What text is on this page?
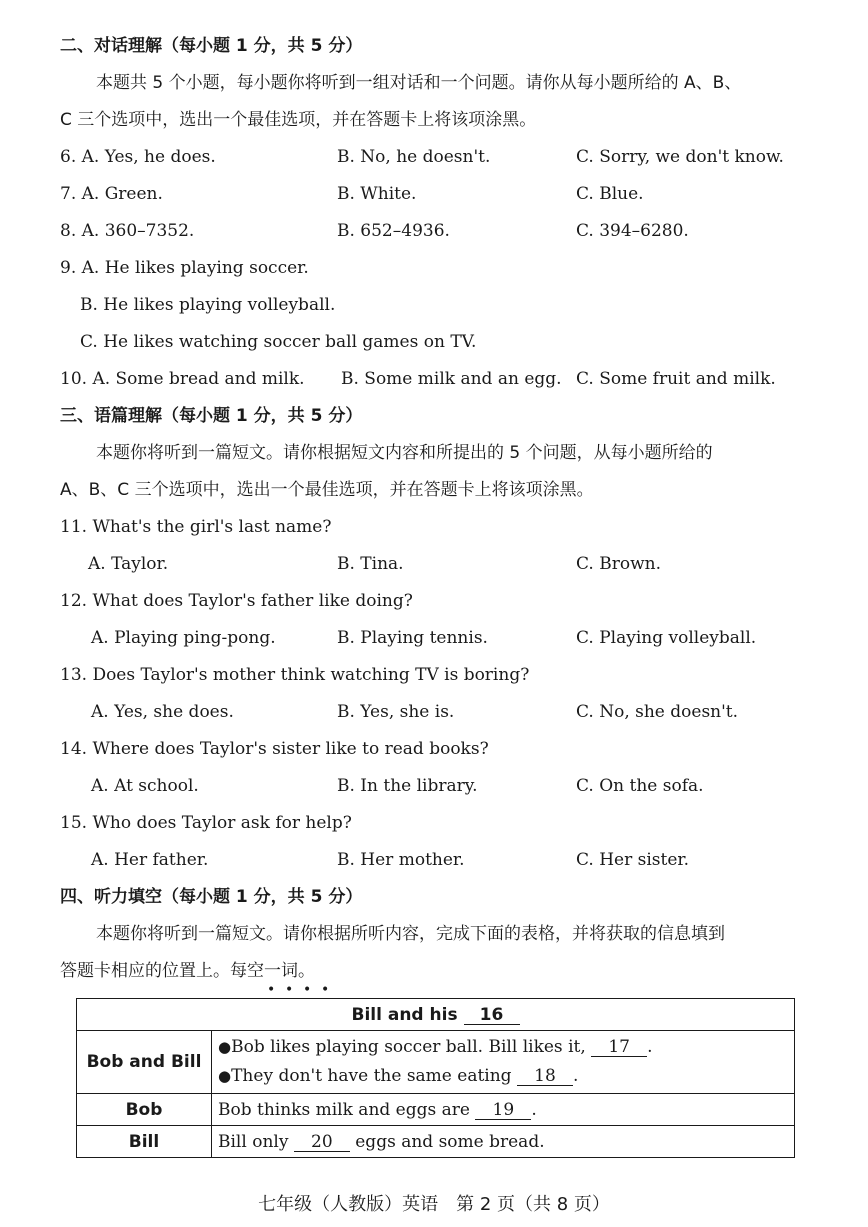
二、对话理解（每小题 1 分，共 5 分）
本题共 5 个小题，每小题你将听到一组对话和一个问题。请你从每小题所给的 A、B、
C 三个选项中，选出一个最佳选项，并在答题卡上将该项涂黑。
6. A. Yes, he does.	B. No, he doesn't.	C. Sorry, we don't know.
7. A. Green.	B. White.	C. Blue.
8. A. 360–7352.	B. 652–4936.	C. 394–6280.
9. A. He likes playing soccer.
B. He likes playing volleyball.
C. He likes watching soccer ball games on TV.
10. A. Some bread and milk. B. Some milk and an egg. C. Some fruit and milk.
三、语篇理解（每小题 1 分，共 5 分）
本题你将听到一篇短文。请你根据短文内容和所提出的 5 个问题，从每小题所给的
A、B、C 三个选项中，选出一个最佳选项，并在答题卡上将该项涂黑。
11. What's the girl's last name?
A. Taylor.	B. Tina.	C. Brown.
12. What does Taylor's father like doing?
A. Playing ping-pong.	B. Playing tennis.	C. Playing volleyball.
13. Does Taylor's mother think watching TV is boring?
A. Yes, she does.	B. Yes, she is.	C. No, she doesn't.
14. Where does Taylor's sister like to read books?
A. At school.	B. In the library.	C. On the sofa.
15. Who does Taylor ask for help?
A. Her father.	B. Her mother.	C. Her sister.
四、听力填空（每小题 1 分，共 5 分）
本题你将听到一篇短文。请你根据所听内容，完成下面的表格，并将获取的信息填到
答题卡相应的位置上。每空一词。
• • • •
Bill and his 16	
Bob and Bill	●Bob likes playing soccer ball. Bill likes it, 17 .
●They don't have the same eating 18 .

Bob	Bob thinks milk and eggs are 19 .
Bill	Bill only 20 eggs and some bread.
七年级（人教版）英语　第 2 页（共 8 页）
